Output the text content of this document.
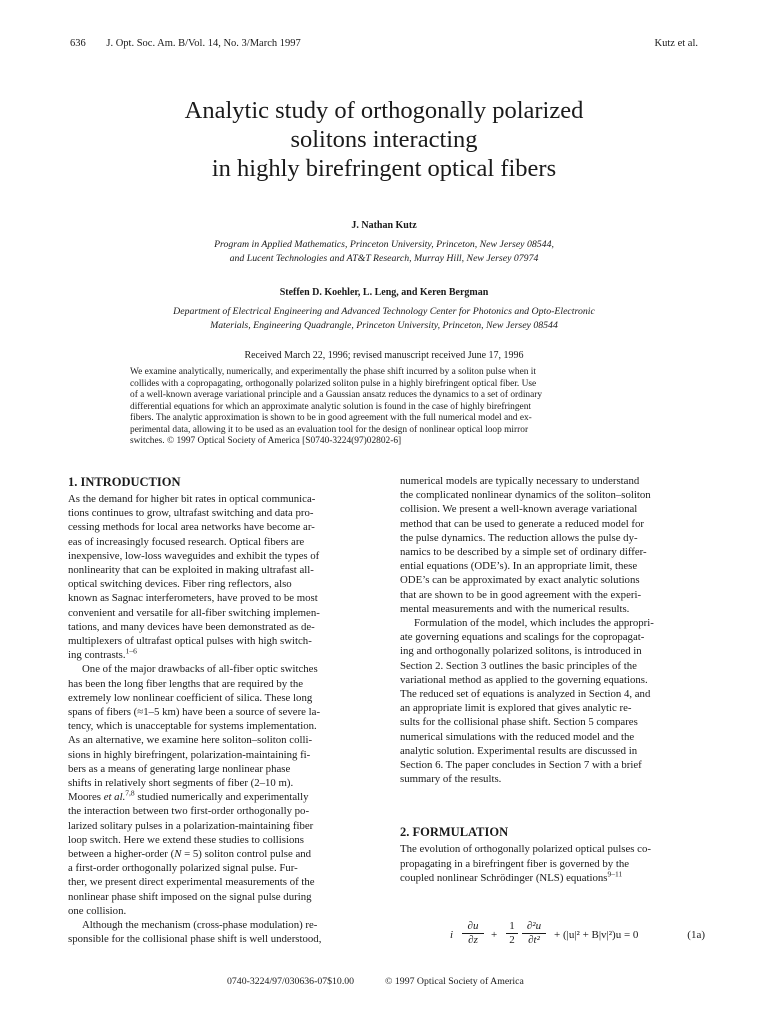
636 J. Opt. Soc. Am. B/Vol. 14, No. 3/March 1997	Kutz et al.
Analytic study of orthogonally polarized
solitons interacting
in highly birefringent optical fibers
J. Nathan Kutz
Program in Applied Mathematics, Princeton University, Princeton, New Jersey 08544,
and Lucent Technologies and AT&T Research, Murray Hill, New Jersey 07974
Steffen D. Koehler, L. Leng, and Keren Bergman
Department of Electrical Engineering and Advanced Technology Center for Photonics and Opto-Electronic
Materials, Engineering Quadrangle, Princeton University, Princeton, New Jersey 08544
Received March 22, 1996; revised manuscript received June 17, 1996
We examine analytically, numerically, and experimentally the phase shift incurred by a soliton pulse when it
collides with a copropagating, orthogonally polarized soliton pulse in a highly birefringent optical fiber. Use
of a well-known average variational principle and a Gaussian ansatz reduces the dynamics to a set of ordinary
differential equations for which an approximate analytic solution is found in the case of highly birefringent
fibers. The analytic approximation is shown to be in good agreement with the full numerical model and ex-
perimental data, allowing it to be used as an evaluation tool for the design of nonlinear optical loop mirror
switches. © 1997 Optical Society of America [S0740-3224(97)02802-6]
1. INTRODUCTION
As the demand for higher bit rates in optical communica-
tions continues to grow, ultrafast switching and data pro-
cessing methods for local area networks have become ar-
eas of increasingly focused research. Optical fibers are
inexpensive, low-loss waveguides and exhibit the types of
nonlinearity that can be exploited in making ultrafast all-
optical switching devices. Fiber ring reflectors, also
known as Sagnac interferometers, have proved to be most
convenient and versatile for all-fiber switching implemen-
tations, and many devices have been demonstrated as de-
multiplexers of ultrafast optical pulses with high switch-
ing contrasts.$^{1-6}$
One of the major drawbacks of all-fiber optic switches
has been the long fiber lengths that are required by the
extremely low nonlinear coefficient of silica. These long
spans of fibers (≈1–5 km) have been a source of severe la-
tency, which is unacceptable for systems implementation.
As an alternative, we examine here soliton–soliton colli-
sions in highly birefringent, polarization-maintaining fi-
bers as a means of generating large nonlinear phase
shifts in relatively short segments of fiber (2–10 m).
Moores et al.$^{7,8}$ studied numerically and experimentally
the interaction between two first-order orthogonally po-
larized solitary pulses in a polarization-maintaining fiber
loop switch. Here we extend these studies to collisions
between a higher-order (N = 5) soliton control pulse and
a first-order orthogonally polarized signal pulse. Fur-
ther, we present direct experimental measurements of the
nonlinear phase shift imposed on the signal pulse during
one collision.
Although the mechanism (cross-phase modulation) re-
sponsible for the collisional phase shift is well understood,
numerical models are typically necessary to understand
the complicated nonlinear dynamics of the soliton–soliton
collision. We present a well-known average variational
method that can be used to generate a reduced model for
the pulse dynamics. The reduction allows the pulse dy-
namics to be described by a simple set of ordinary differ-
ential equations (ODE’s). In an appropriate limit, these
ODE’s can be approximated by exact analytic solutions
that are shown to be in good agreement with the experi-
mental measurements and with the numerical results.
Formulation of the model, which includes the appropri-
ate governing equations and scalings for the copropagat-
ing and orthogonally polarized solitons, is introduced in
Section 2. Section 3 outlines the basic principles of the
variational method as applied to the governing equations.
The reduced set of equations is analyzed in Section 4, and
an appropriate limit is explored that gives analytic re-
sults for the collisional phase shift. Section 5 compares
numerical simulations with the reduced model and the
analytic solution. Experimental results are discussed in
Section 6. The paper concludes in Section 7 with a brief
summary of the results.
2. FORMULATION
The evolution of orthogonally polarized optical pulses co-
propagating in a birefringent fiber is governed by the
coupled nonlinear Schrödinger (NLS) equations$^{9-11}$
i $\frac{\partial u}{\partial z} + \frac{1}{2} \frac{\text{∂²u}}{\text{∂t²}} + (|u|^2 + B|v|^2)u = 0$	(1a)
0740-3224/97/030636-07$10.00	© 1997 Optical Society of America
